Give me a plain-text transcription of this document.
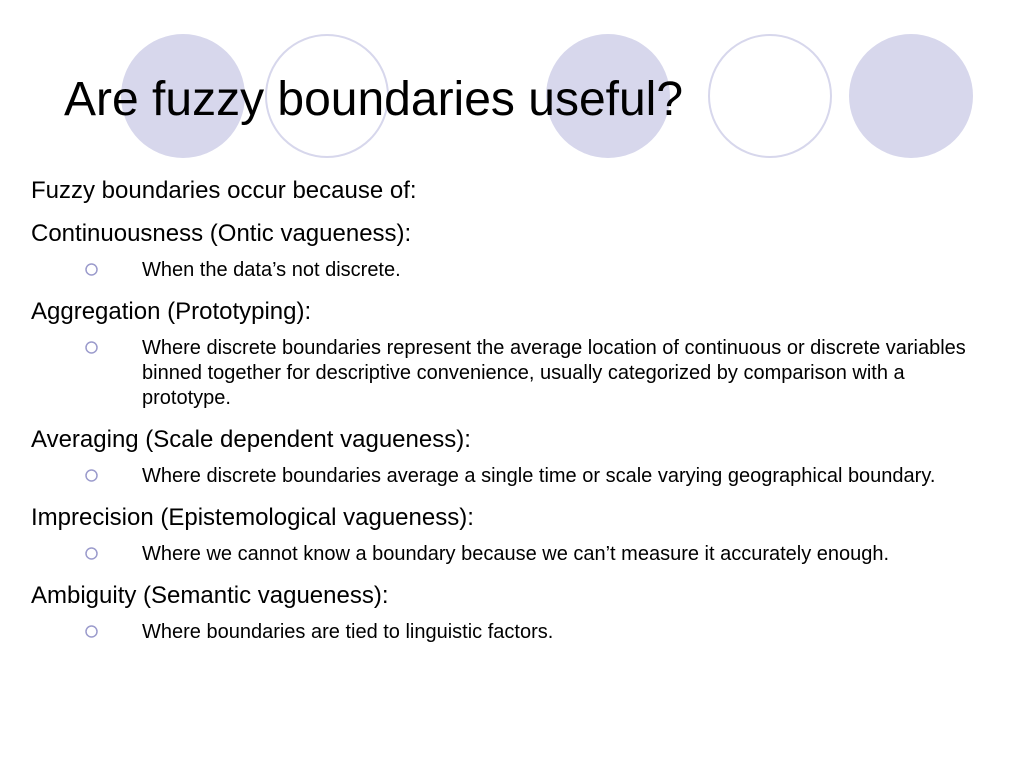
Are fuzzy boundaries useful?

Fuzzy boundaries occur because of:

Continuousness (Ontic vagueness):

When the data’s not discrete.

Aggregation (Prototyping):

Where discrete boundaries represent the average location of continuous or discrete variables binned together for descriptive convenience, usually categorized by comparison with a prototype.

Averaging (Scale dependent vagueness):

Where discrete boundaries average a single time or scale varying geographical boundary.

Imprecision (Epistemological vagueness):

Where we cannot know a boundary because we can’t measure it accurately enough.

Ambiguity (Semantic vagueness):

Where boundaries are tied to linguistic factors.
